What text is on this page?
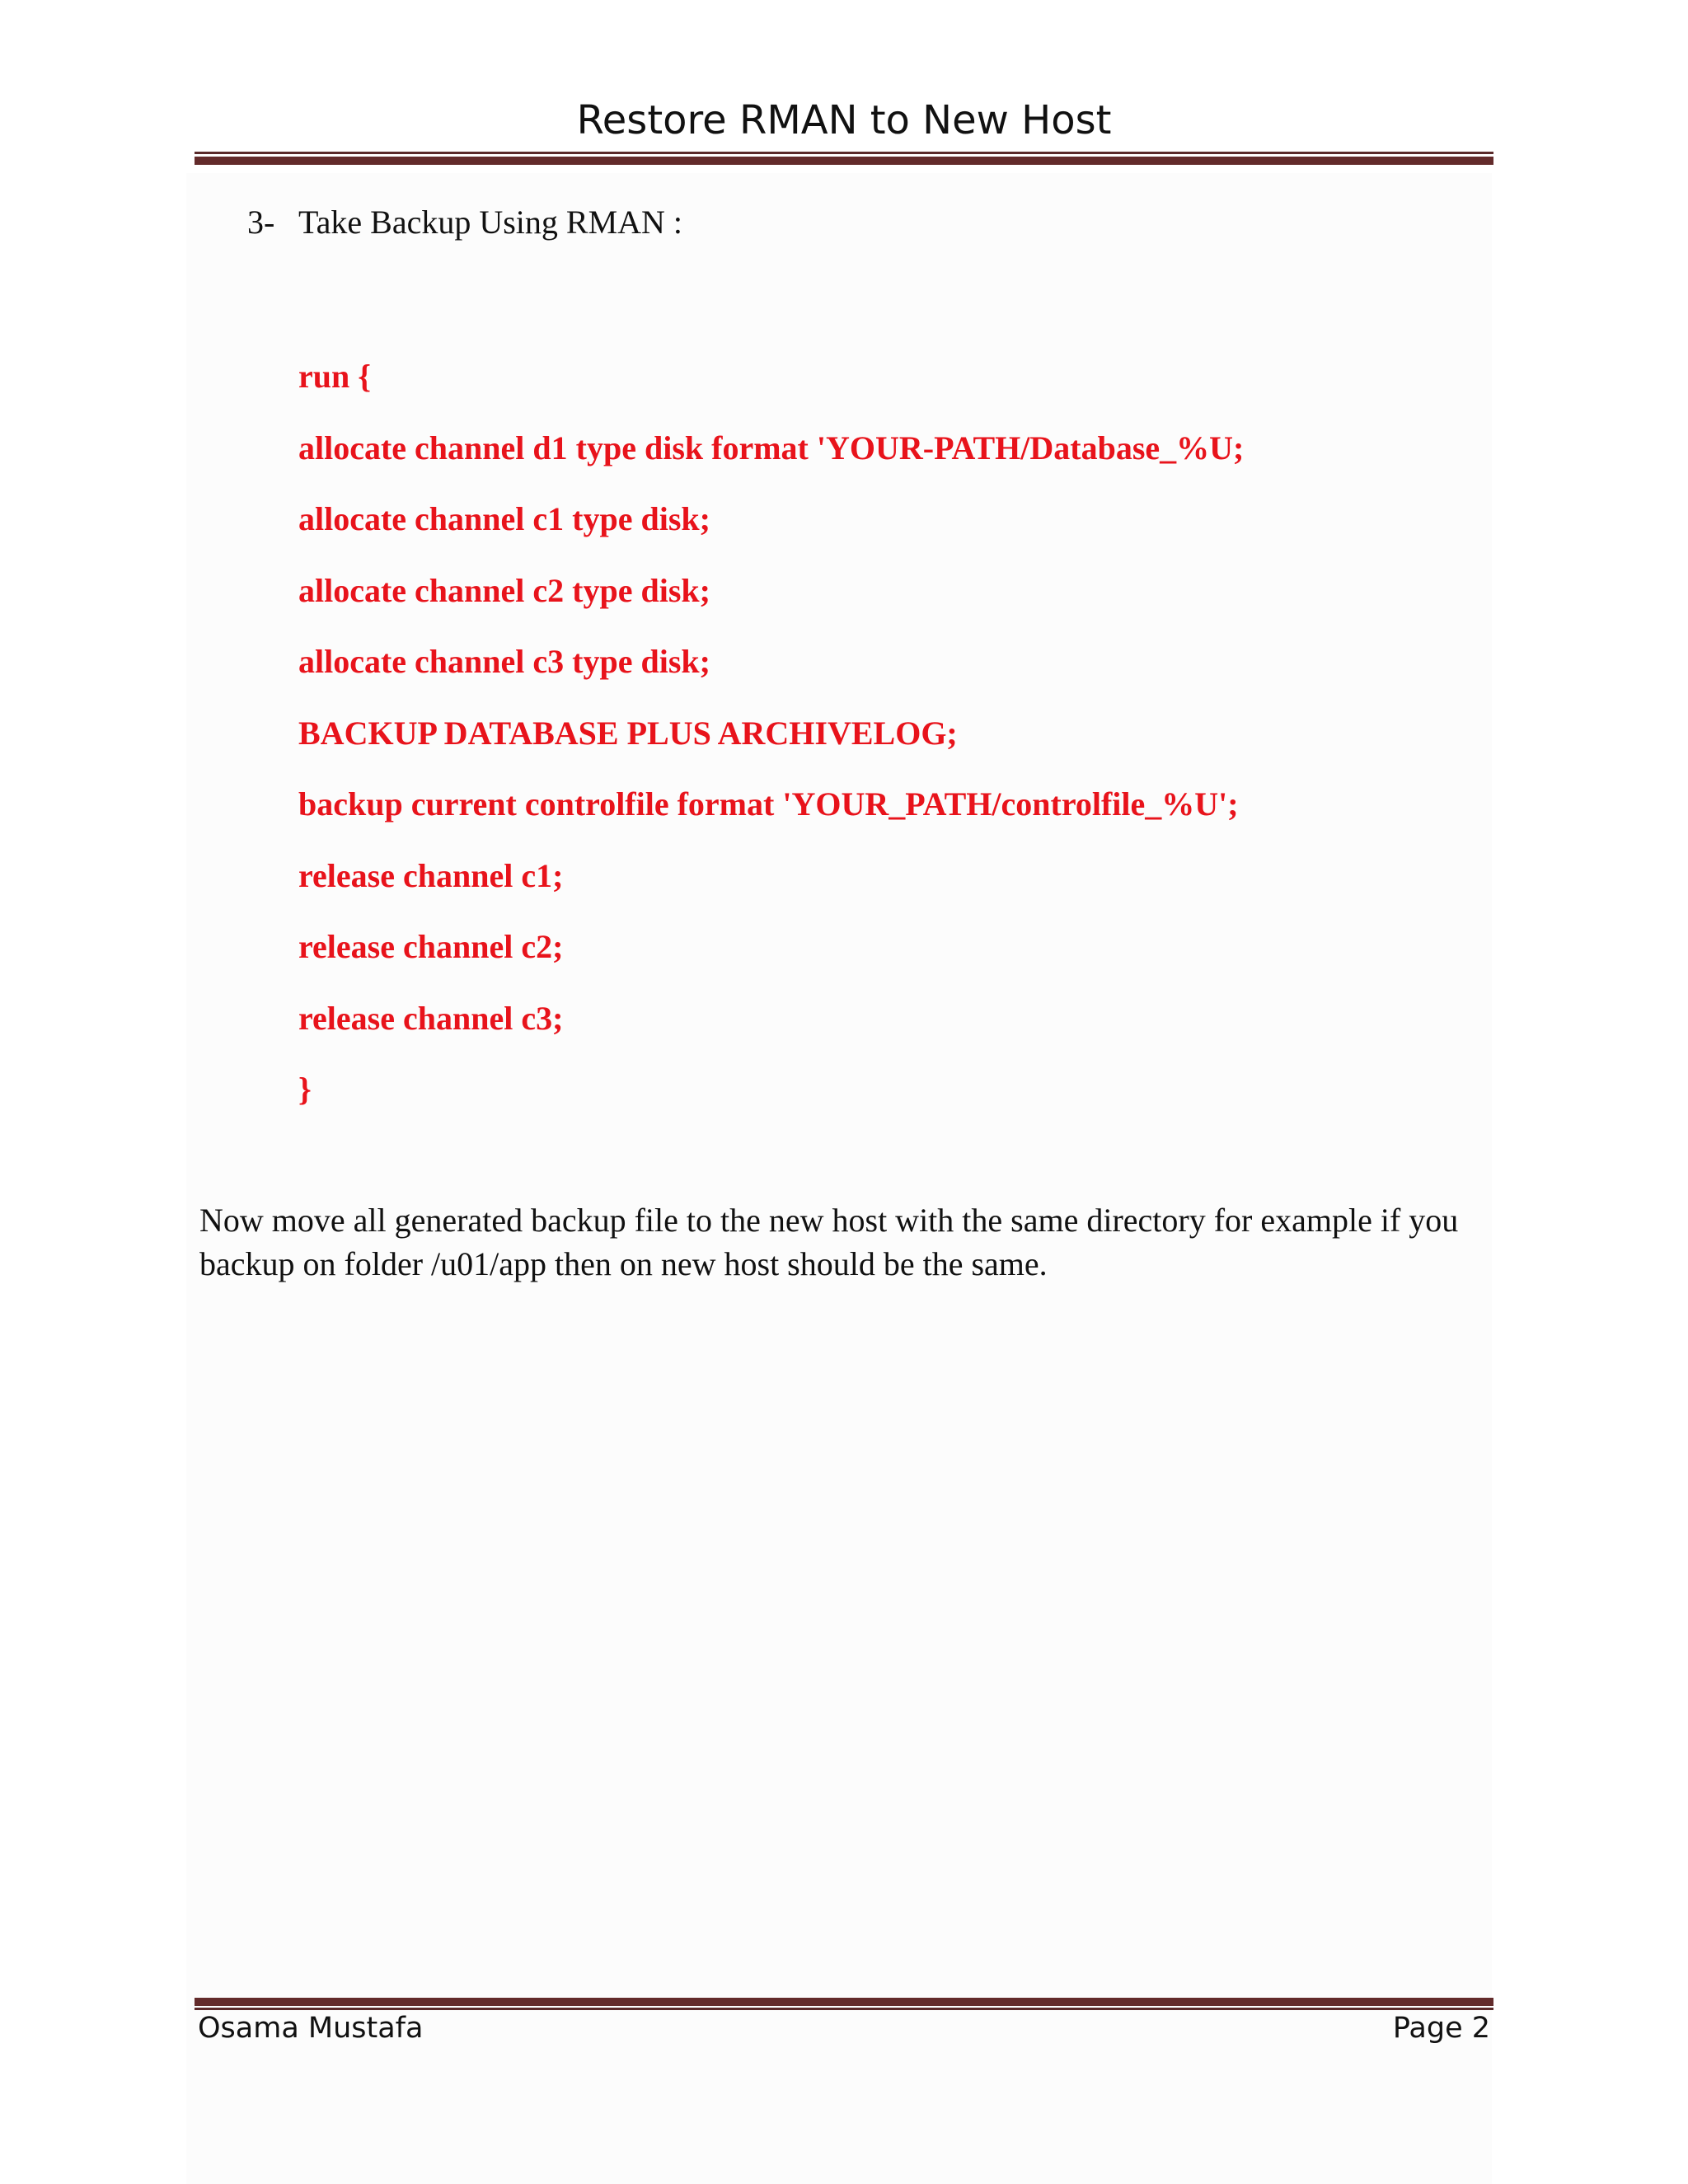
Restore RMAN to New Host
3- Take Backup Using RMAN :
run {
allocate channel d1 type disk format 'YOUR-PATH/Database_%U;
allocate channel c1 type disk;
allocate channel c2 type disk;
allocate channel c3 type disk;
BACKUP DATABASE PLUS ARCHIVELOG;
backup current controlfile format 'YOUR_PATH/controlfile_%U';
release channel c1;
release channel c2;
release channel c3;
}

Now move all generated backup file to the new host with the same directory for example if you backup on folder /u01/app then on new host should be the same.

Osama Mustafa	Page 2
